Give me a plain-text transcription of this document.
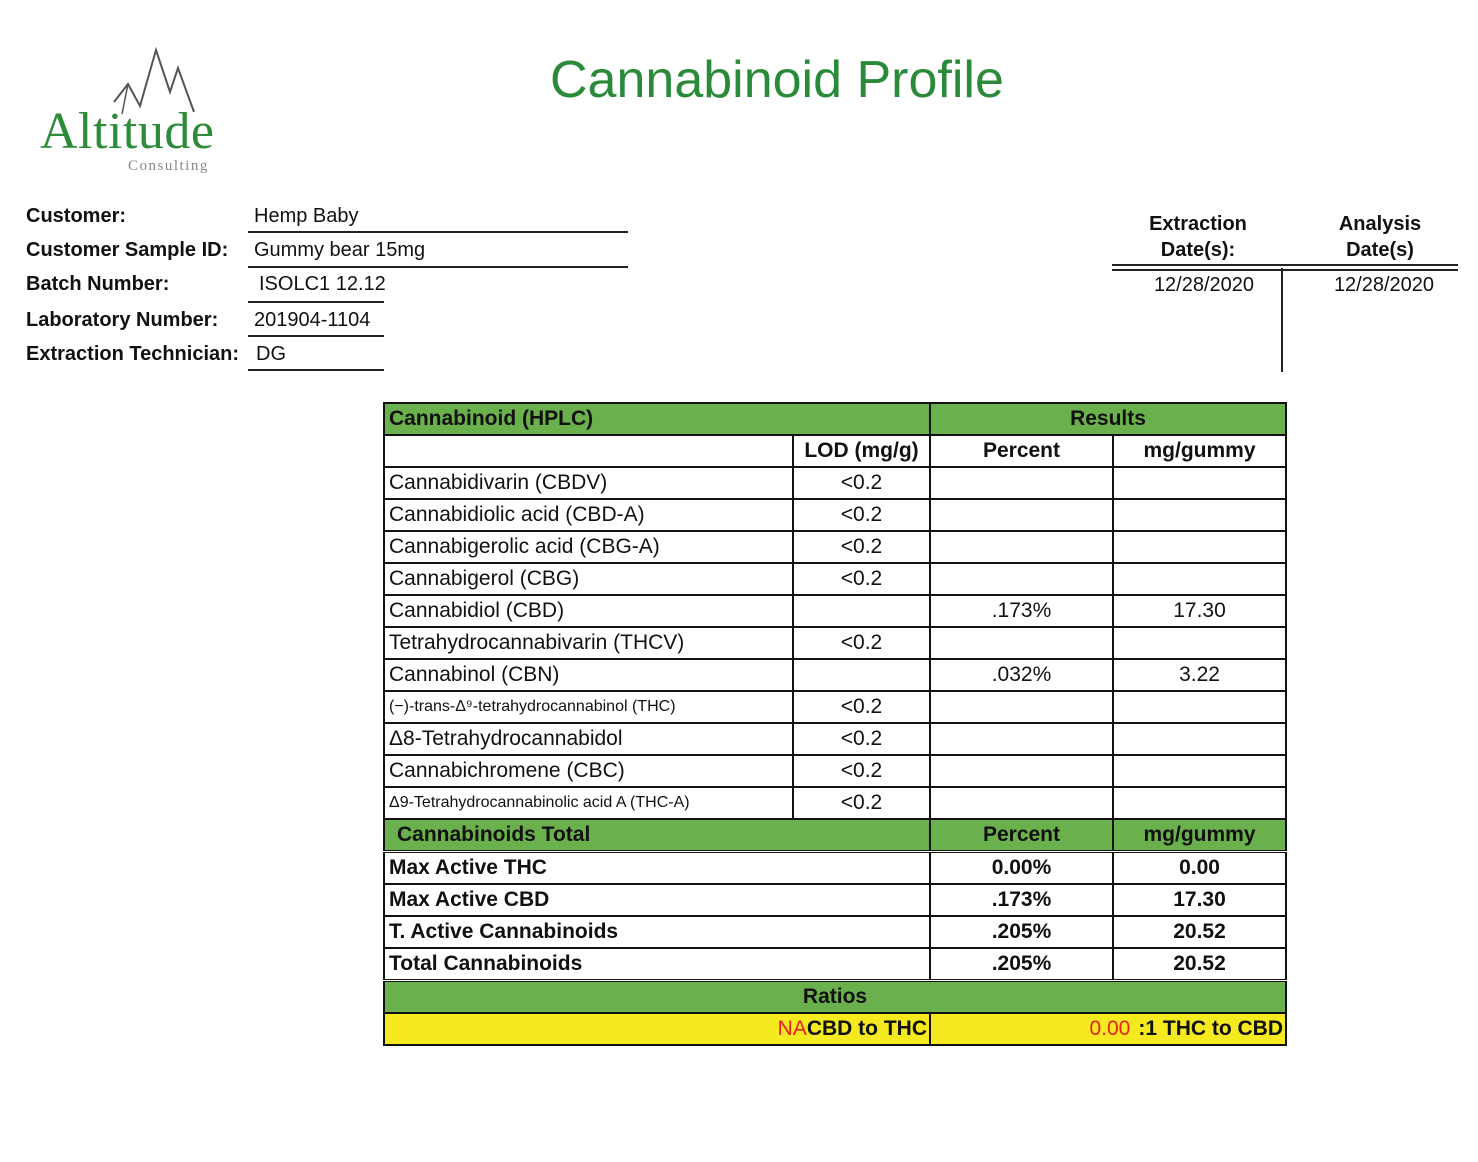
Altitude
Consulting
Cannabinoid Profile
Customer:	Hemp Baby
Customer Sample ID: Gummy bear 15mg
Batch Number:	ISOLC1 12.12
Laboratory Number: 201904-1104
Extraction Technician: DG
Extraction
Date(s):
Analysis
Date(s)
12/28/2020	12/28/2020
Cannabinoid (HPLC)		Results	
	LOD (mg/g)	Percent	mg/gummy
Cannabidivarin (CBDV)	<0.2		
Cannabidiolic acid (CBD-A)	<0.2		
Cannabigerolic acid (CBG-A)	<0.2		
Cannabigerol (CBG)	<0.2		
Cannabidiol (CBD)		.173%	17.30
Tetrahydrocannabivarin (THCV)	<0.2		
Cannabinol (CBN)		.032%	3.22
(−)-trans-Δ⁹-tetrahydrocannabinol (THC)	<0.2		
Δ8-Tetrahydrocannabidol	<0.2		
Cannabichromene (CBC)	<0.2		
Δ9-Tetrahydrocannabinolic acid A (THC-A)	<0.2		
Cannabinoids Total		Percent	mg/gummy
Max Active THC		0.00%	0.00
Max Active CBD		.173%	17.30
T. Active Cannabinoids		.205%	20.52
Total Cannabinoids		.205%	20.52
Ratios			
NACBD to THC		0.00 :1 THC to CBD	
